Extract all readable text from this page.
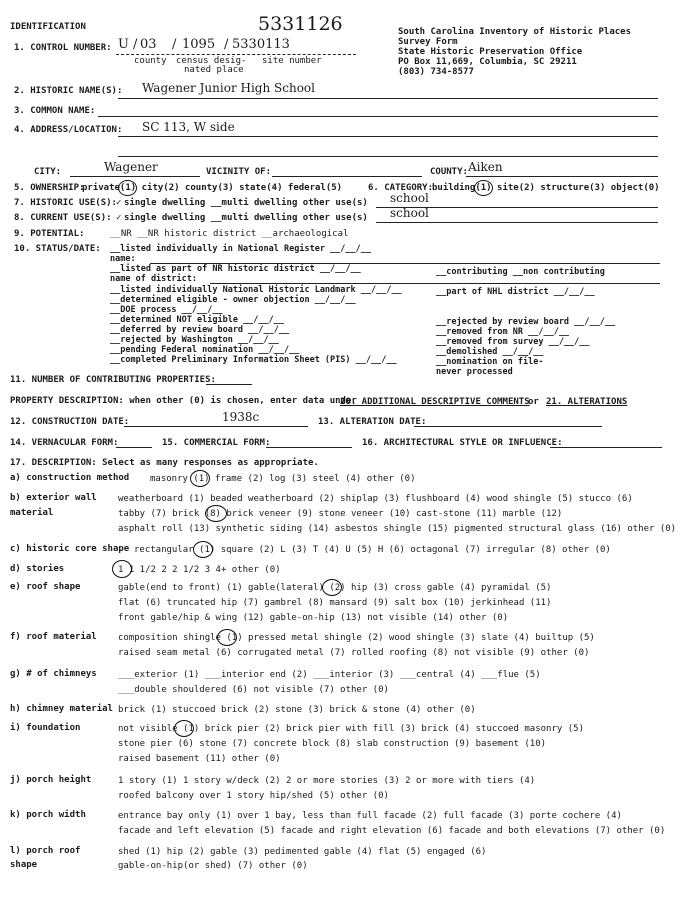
IDENTIFICATION	5331126	South Carolina Inventory of Historic Places
Survey Form
State Historic Preservation Office
PO Box 11,669, Columbia, SC 29211
(803) 734-8577
1. CONTROL NUMBER: U / 03 / 1095 / 5330113
county census desig-
nated place
site number
2. HISTORIC NAME(S): Wagener Junior High School
3. COMMON NAME:
4. ADDRESS/LOCATION: SC 113, W side
CITY:	Wagener	VICINITY OF:	COUNTY: Aiken
5. OWNERSHIP:
private(1) city(2) county(3) state(4) federal(5)	6. CATEGORY:
building(1) site(2) structure(3) object(0)
7. HISTORIC USE(S): ✓ single dwelling __multi dwelling other use(s) school
8. CURRENT USE(S): ✓ single dwelling __multi dwelling other use(s) school
9. POTENTIAL:	__NR __NR historic district __archaeological
10. STATUS/DATE: __listed individually in National Register __/__/__
name:
__listed as part of NR historic district __/__/__
name of district:
__listed individually National Historic Landmark __/__/__
__determined eligible - owner objection __/__/__
__DOE process __/__/__
__determined NOT eligible __/__/__
__deferred by review board __/__/__
__rejected by Washington __/__/__
__pending Federal nomination __/__/__
__completed Preliminary Information Sheet (PIS) __/__/__
__contributing __non contributing
__part of NHL district __/__/__
__rejected by review board __/__/__
__removed from NR __/__/__
__removed from survey __/__/__
__demolished __/__/__
__nomination on file-
never processed
11. NUMBER OF CONTRIBUTING PROPERTIES:
PROPERTY DESCRIPTION: when other (0) is chosen, enter data under
20. ADDITIONAL DESCRIPTIVE COMMENTS
or 21. ALTERATIONS
12. CONSTRUCTION DATE:	1938c	13. ALTERATION DATE:
14. VERNACULAR FORM:	15. COMMERCIAL FORM:	16. ARCHITECTURAL STYLE OR INFLUENCE:
17. DESCRIPTION: Select as many responses as appropriate.
a) construction method masonry (1) frame (2) log (3) steel (4) other (0)
b) exterior wall
material
weatherboard (1) beaded weatherboard (2) shiplap (3) flushboard (4) wood shingle (5) stucco (6)
tabby (7) brick (8) brick veneer (9) stone veneer (10) cast-stone (11) marble (12)
asphalt roll (13) synthetic siding (14) asbestos shingle (15) pigmented structural glass (16) other (0)
c) historic core shape rectangular (1) square (2) L (3) T (4) U (5) H (6) octagonal (7) irregular (8) other (0)
d) stories	1 1 1/2 2 2 1/2 3 4+ other (0)
e) roof shape	gable(end to front) (1) gable(lateral) (2) hip (3) cross gable (4) pyramidal (5)
flat (6) truncated hip (7) gambrel (8) mansard (9) salt box (10) jerkinhead (11)
front gable/hip & wing (12) gable-on-hip (13) not visible (14) other (0)
f) roof material composition shingle (1) pressed metal shingle (2) wood shingle (3) slate (4) builtup (5)
raised seam metal (6) corrugated metal (7) rolled roofing (8) not visible (9) other (0)
g) # of chimneys ___exterior (1) ___interior end (2) ___interior (3) ___central (4) ___flue (5)
___double shouldered (6) not visible (7) other (0)
h) chimney material brick (1) stuccoed brick (2) stone (3) brick & stone (4) other (0)
i) foundation	not visible (1) brick pier (2) brick pier with fill (3) brick (4) stuccoed masonry (5)
stone pier (6) stone (7) concrete block (8) slab construction (9) basement (10)
raised basement (11) other (0)
j) porch height	1 story (1) 1 story w/deck (2) 2 or more stories (3) 2 or more with tiers (4)
roofed balcony over 1 story hip/shed (5) other (0)
k) porch width	entrance bay only (1) over 1 bay, less than full facade (2) full facade (3) porte cochere (4)
facade and left elevation (5) facade and right elevation (6) facade and both elevations (7) other (0)
l) porch roof
shape
shed (1) hip (2) gable (3) pedimented gable (4) flat (5) engaged (6)
gable-on-hip(or shed) (7) other (0)
